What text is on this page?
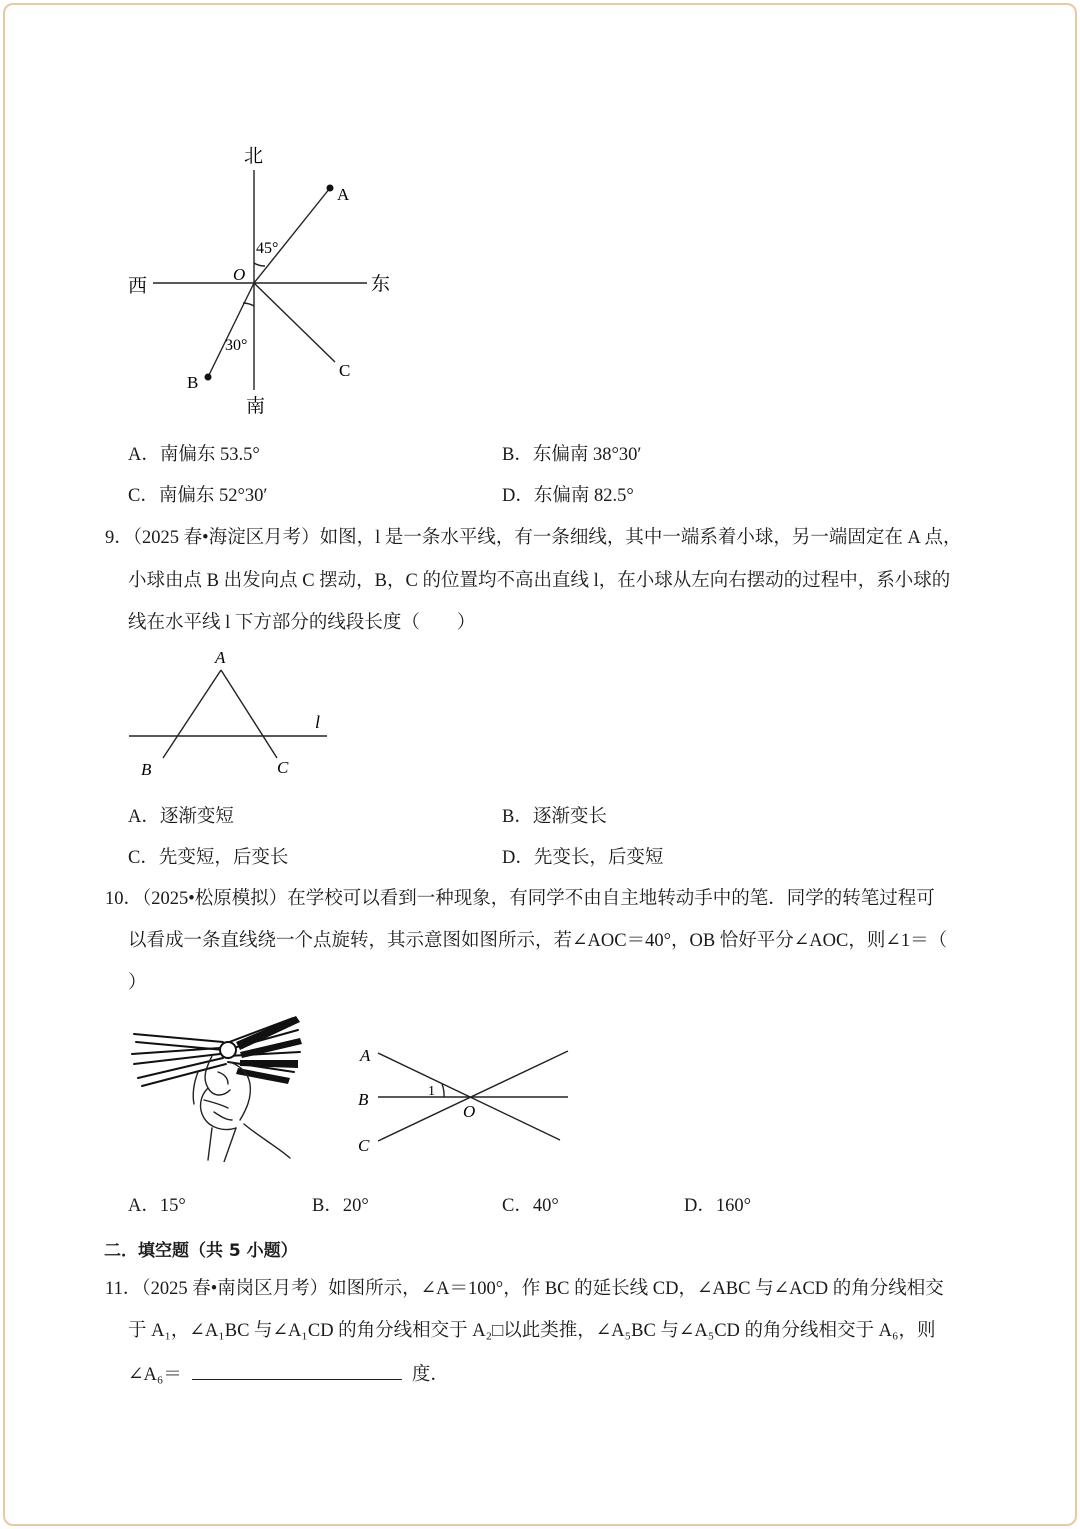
北
南
西	东
A
B
C
O
45°
30°
A．南偏东 53.5°	B．东偏南 38°30′
C．南偏东 52°30′	D．东偏南 82.5°
9．（2025 春•海淀区月考）如图，l 是一条水平线，有一条细线，其中一端系着小球，另一端固定在 A 点，
小球由点 B 出发向点 C 摆动，B，C 的位置均不高出直线 l，在小球从左向右摆动的过程中，系小球的
线在水平线 l 下方部分的线段长度（　　）
A
B	C
l
A．逐渐变短	B．逐渐变长
C．先变短，后变长	D．先变长，后变短
10．（2025•松原模拟）在学校可以看到一种现象，有同学不由自主地转动手中的笔．同学的转笔过程可
以看成一条直线绕一个点旋转，其示意图如图所示，若∠AOC＝40°，OB 恰好平分∠AOC，则∠1＝（
）
A
B
C
O
1
A．15°	B．20°	C．40°	D．160°
二．填空题（共 5 小题）
11．（2025 春•南岗区月考）如图所示，∠A＝100°，作 BC 的延长线 CD，∠ABC 与∠ACD 的角分线相交
于 A₁，∠A₁BC 与∠A₁CD 的角分线相交于 A₂□以此类推，∠A₅BC 与∠A₅CD 的角分线相交于 A₆，则
∠A₆＝	度．
